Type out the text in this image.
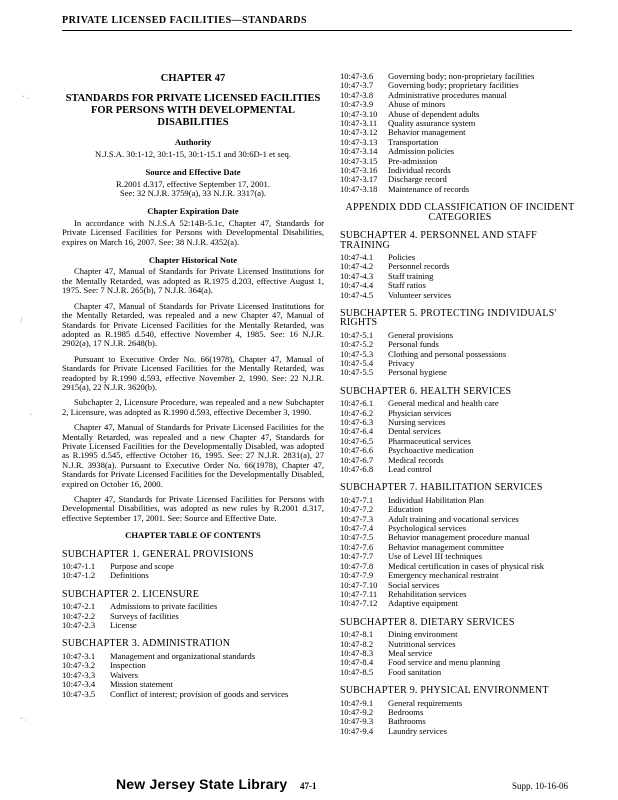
PRIVATE LICENSED FACILITIES—STANDARDS
˘ ·
/
′
˘ ·
CHAPTER 47
STANDARDS FOR PRIVATE LICENSED FACILITIES FOR PERSONS WITH DEVELOPMENTAL DISABILITIES
Authority
N.J.S.A. 30:1-12, 30:1-15, 30:1-15.1 and 30:6D-1 et seq.
Source and Effective Date
R.2001 d.317, effective September 17, 2001.
See: 32 N.J.R. 3759(a), 33 N.J.R. 3317(a).
Chapter Expiration Date
In accordance with N.J.S.A 52:14B-5.1c, Chapter 47, Standards for Private Licensed Facilities for Persons with Developmental Disabilities, expires on March 16, 2007. See: 38 N.J.R. 4352(a).
Chapter Historical Note
Chapter 47, Manual of Standards for Private Licensed Institutions for the Mentally Retarded, was adopted as R.1975 d.203, effective August 1, 1975. See: 7 N.J.R. 265(b), 7 N.J.R. 364(a).
Chapter 47, Manual of Standards for Private Licensed Institutions for the Mentally Retarded, was repealed and a new Chapter 47, Manual of Standards for Private Licensed Facilities for the Mentally Retarded, was adopted as R.1985 d.540, effective November 4, 1985. See: 16 N.J.R. 2902(a), 17 N.J.R. 2648(b).
Pursuant to Executive Order No. 66(1978), Chapter 47, Manual of Standards for Private Licensed Facilities for the Mentally Retarded, was readopted by R.1990 d.593, effective November 2, 1990. See: 22 N.J.R. 2915(a), 22 N.J.R. 3620(b).
Subchapter 2, Licensure Procedure, was repealed and a new Subchapter 2, Licensure, was adopted as R.1990 d.593, effective December 3, 1990.
Chapter 47, Manual of Standards for Private Licensed Facilities for the Mentally Retarded, was repealed and a new Chapter 47, Standards for Private Licensed Facilities for the Developmentally Disabled, was adopted as R.1995 d.545, effective October 16, 1995. See: 27 N.J.R. 2831(a), 27 N.J.R. 3938(a). Pursuant to Executive Order No. 66(1978), Chapter 47, Standards for Private Licensed Facilities for the Developmentally Disabled, expired on October 16, 2000.
Chapter 47, Standards for Private Licensed Facilities for Persons with Developmental Disabilities, was adopted as new rules by R.2001 d.317, effective September 17, 2001. See: Source and Effective Date.
CHAPTER TABLE OF CONTENTS
SUBCHAPTER 1. GENERAL PROVISIONS
10:47-1.1	Purpose and scope
10:47-1.2	Definitions
SUBCHAPTER 2. LICENSURE
10:47-2.1	Admissions to private facilities
10:47-2.2	Surveys of facilities
10:47-2.3	License
SUBCHAPTER 3. ADMINISTRATION
10:47-3.1	Management and organizational standards
10:47-3.2	Inspection
10:47-3.3	Waivers
10:47-3.4	Mission statement
10:47-3.5	Conflict of interest; provision of goods and services
10:47-3.6	Governing body; non-proprietary facilities
10:47-3.7	Governing body; proprietary facilities
10:47-3.8	Administrative procedures manual
10:47-3.9	Abuse of minors
10:47-3.10	Abuse of dependent adults
10:47-3.11	Quality assurance system
10:47-3.12	Behavior management
10:47-3.13	Transportation
10:47-3.14	Admission policies
10:47-3.15	Pre-admission
10:47-3.16	Individual records
10:47-3.17	Discharge record
10:47-3.18	Maintenance of records
APPENDIX DDD CLASSIFICATION OF INCIDENT CATEGORIES
SUBCHAPTER 4. PERSONNEL AND STAFF TRAINING
10:47-4.1	Policies
10:47-4.2	Personnel records
10:47-4.3	Staff training
10:47-4.4	Staff ratios
10:47-4.5	Volunteer services
SUBCHAPTER 5. PROTECTING INDIVIDUALS' RIGHTS
10:47-5.1	General provisions
10:47-5.2	Personal funds
10:47-5.3	Clothing and personal possessions
10:47-5.4	Privacy
10:47-5.5	Personal hygiene
SUBCHAPTER 6. HEALTH SERVICES
10:47-6.1	General medical and health care
10:47-6.2	Physician services
10:47-6.3	Nursing services
10:47-6.4	Dental services
10:47-6.5	Pharmaceutical services
10:47-6.6	Psychoactive medication
10:47-6.7	Medical records
10:47-6.8	Lead control
SUBCHAPTER 7. HABILITATION SERVICES
10:47-7.1	Individual Habilitation Plan
10:47-7.2	Education
10:47-7.3	Adult training and vocational services
10:47-7.4	Psychological services
10:47-7.5	Behavior management procedure manual
10:47-7.6	Behavior management committee
10:47-7.7	Use of Level III techniques
10:47-7.8	Medical certification in cases of physical risk
10:47-7.9	Emergency mechanical restraint
10:47-7.10	Social services
10:47-7.11	Rehabilitation services
10:47-7.12	Adaptive equipment
SUBCHAPTER 8. DIETARY SERVICES
10:47-8.1	Dining environment
10:47-8.2	Nutritional services
10:47-8.3	Meal service
10:47-8.4	Food service and menu planning
10:47-8.5	Food sanitation
SUBCHAPTER 9. PHYSICAL ENVIRONMENT
10:47-9.1	General requirements
10:47-9.2	Bedrooms
10:47-9.3	Bathrooms
10:47-9.4	Laundry services
New Jersey State Library 47-1	Supp. 10-16-06
